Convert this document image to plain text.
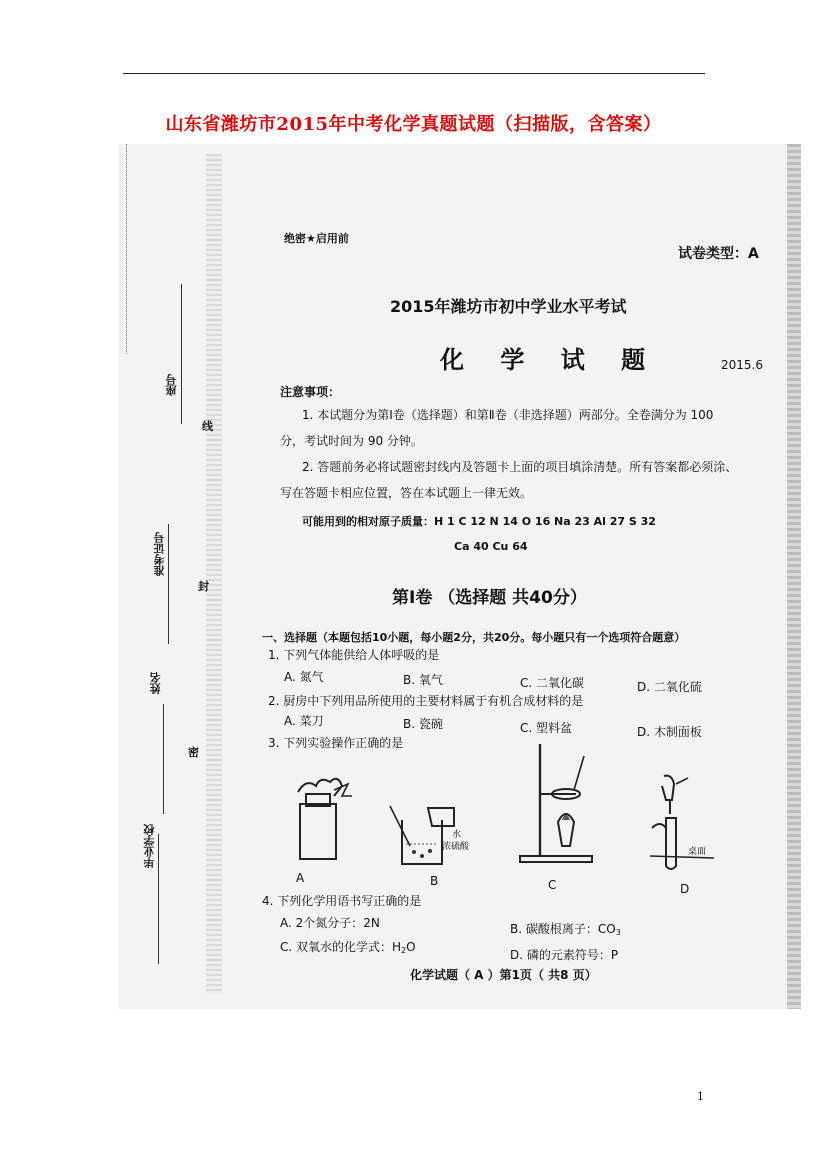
山东省潍坊市2015年中考化学真题试题（扫描版，含答案）
座号
准考证号
姓名
毕业学校
线
封
密
绝密★启用前
试卷类型：A
2015年潍坊市初中学业水平考试
化 学 试 题	2015.6
注意事项：
1. 本试题分为第Ⅰ卷（选择题）和第Ⅱ卷（非选择题）两部分。全卷满分为 100
分，考试时间为 90 分钟。
2. 答题前务必将试题密封线内及答题卡上面的项目填涂清楚。所有答案都必须涂、
写在答题卡相应位置，答在本试题上一律无效。
可能用到的相对原子质量：H 1 C 12 N 14 O 16 Na 23 Al 27 S 32
Ca 40 Cu 64
第Ⅰ卷 （选择题 共40分）
一、选择题（本题包括10小题，每小题2分，共20分。每小题只有一个选项符合题意）
1. 下列气体能供给人体呼吸的是
A. 氮气	B. 氧气	C. 二氧化碳	D. 二氧化硫
2. 厨房中下列用品所使用的主要材料属于有机合成材料的是
A. 菜刀	B. 瓷碗	C. 塑料盆	D. 木制面板
3. 下列实验操作正确的是
A
水
浓硫酸
B	C
桌面
D
4. 下列化学用语书写正确的是
A. 2个氮分子：2N	B. 碳酸根离子：$CO_3$
C. 双氧水的化学式：$H_2O$
D. 磷的元素符号：P
化学试题（ A ）第1页（ 共8 页）
1
